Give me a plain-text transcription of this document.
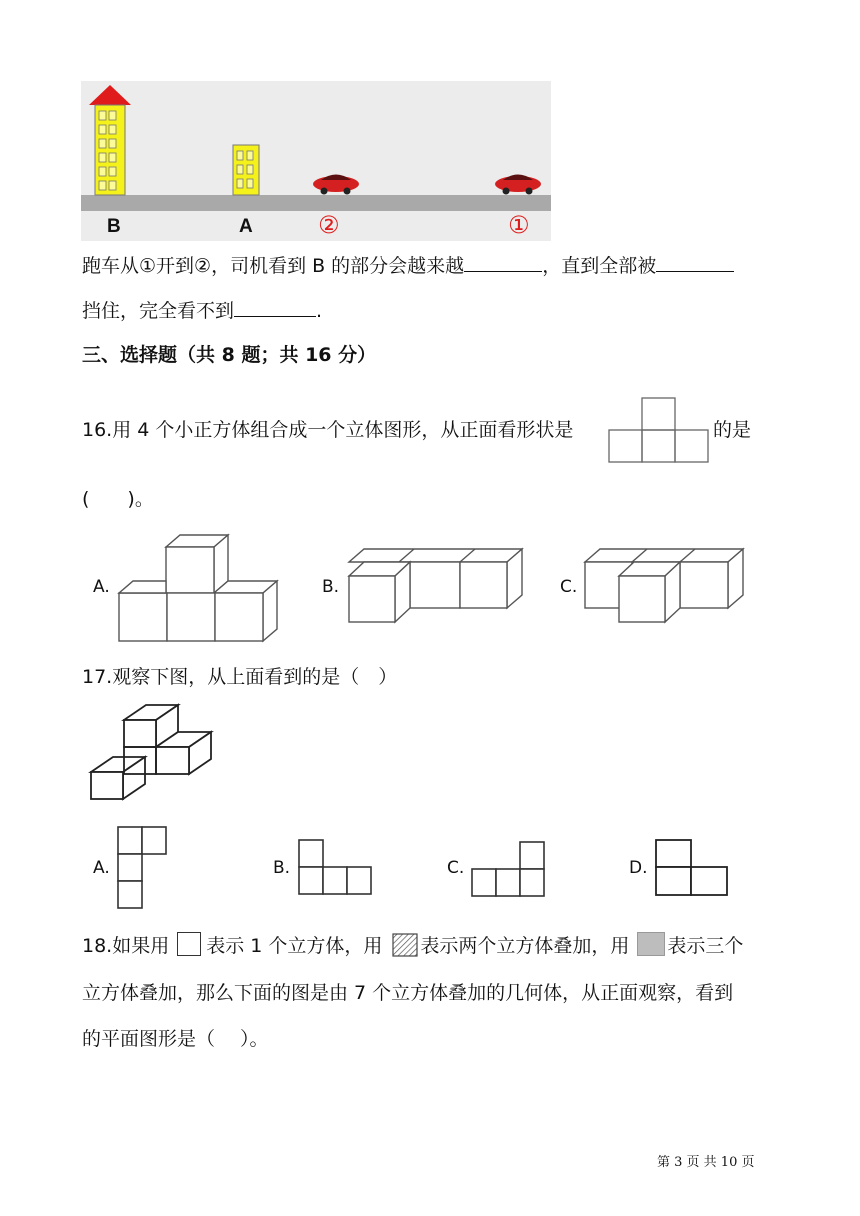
B	A	②	①
跑车从①开到②，司机看到 B 的部分会越来越	，直到全部被
挡住，完全看不到	.
三、选择题（共 8 题；共 16 分）
16.用 4 个小正方体组合成一个立体图形，从正面看形状是	的是
(　　)。
A.	B.	C.
17.观察下图，从上面看到的是（　）
A.	B.	C.	D.
18.如果用 表示 1 个立方体，用 表示两个立方体叠加，用 表示三个
立方体叠加，那么下面的图是由 7 个立方体叠加的几何体，从正面观察，看到
的平面图形是（　 ）。
第 3 页 共 10 页
